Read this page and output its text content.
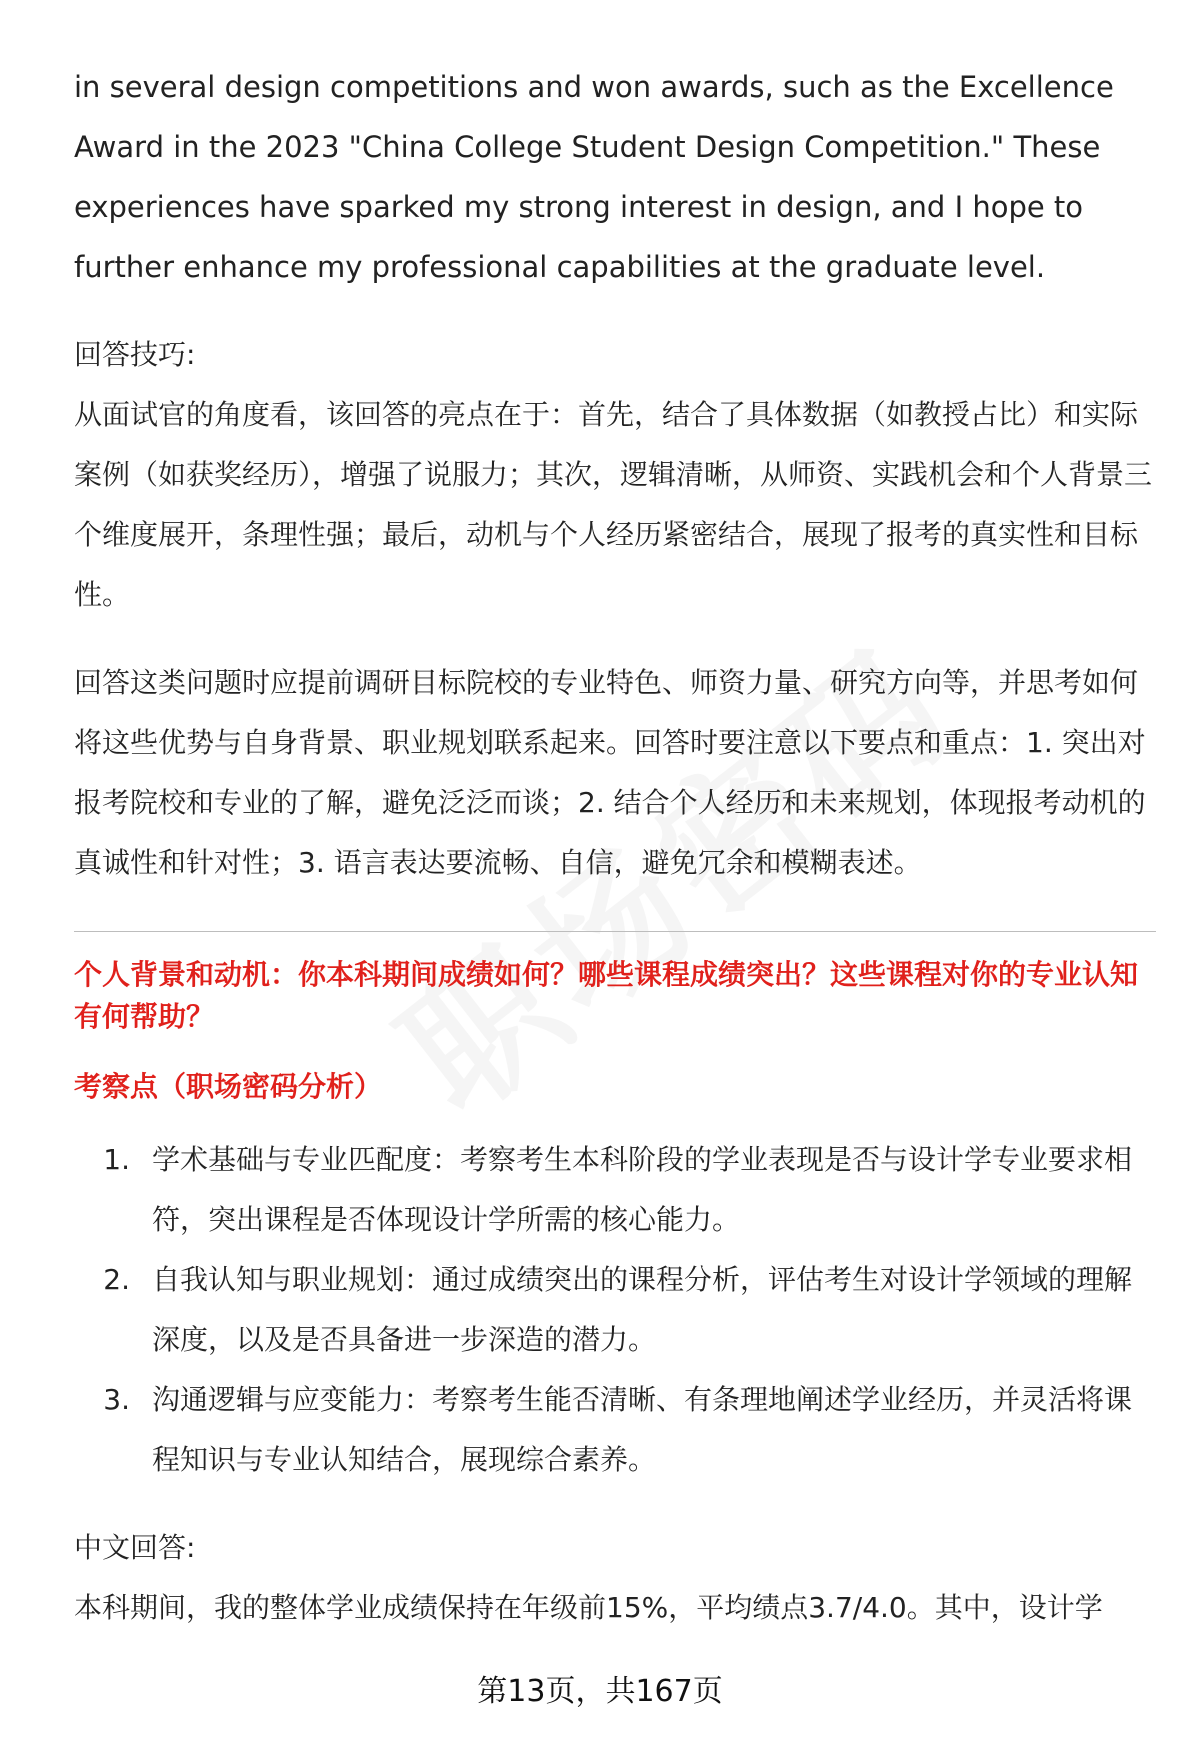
in several design competitions and won awards, such as the Excellence Award in the 2023 "China College Student Design Competition." These experiences have sparked my strong interest in design, and I hope to further enhance my professional capabilities at the graduate level.

回答技巧:

从面试官的角度看，该回答的亮点在于：首先，结合了具体数据（如教授占比）和实际案例（如获奖经历），增强了说服力；其次，逻辑清晰，从师资、实践机会和个人背景三个维度展开，条理性强；最后，动机与个人经历紧密结合，展现了报考的真实性和目标性。

回答这类问题时应提前调研目标院校的专业特色、师资力量、研究方向等，并思考如何将这些优势与自身背景、职业规划联系起来。回答时要注意以下要点和重点：1. 突出对报考院校和专业的了解，避免泛泛而谈；2. 结合个人经历和未来规划，体现报考动机的真诚性和针对性；3. 语言表达要流畅、自信，避免冗余和模糊表述。

个人背景和动机：你本科期间成绩如何？哪些课程成绩突出？这些课程对你的专业认知有何帮助？

考察点（职场密码分析）

1. 学术基础与专业匹配度：考察考生本科阶段的学业表现是否与设计学专业要求相符，突出课程是否体现设计学所需的核心能力。
2. 自我认知与职业规划：通过成绩突出的课程分析，评估考生对设计学领域的理解深度，以及是否具备进一步深造的潜力。
3. 沟通逻辑与应变能力：考察考生能否清晰、有条理地阐述学业经历，并灵活将课程知识与专业认知结合，展现综合素养。

中文回答:

本科期间，我的整体学业成绩保持在年级前15%，平均绩点3.7/4.0。其中，设计学

第13页，共167页
